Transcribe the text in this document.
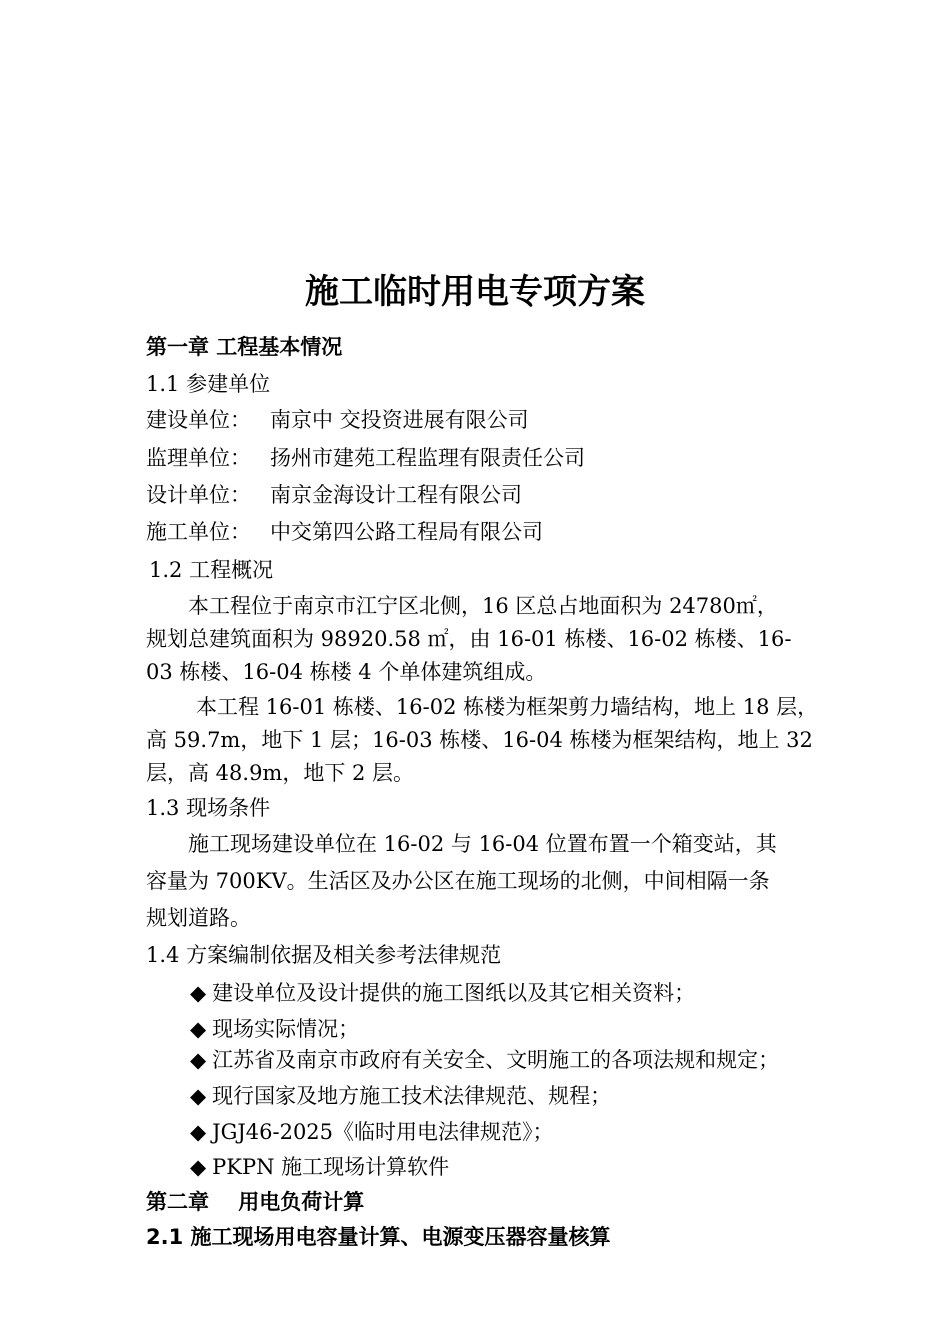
施工临时用电专项方案
第一章 工程基本情况
1.1 参建单位
建设单位： 南京中 交投资进展有限公司
监理单位： 扬州市建苑工程监理有限责任公司
设计单位： 南京金海设计工程有限公司
施工单位： 中交第四公路工程局有限公司
1.2 工程概况
本工程位于南京市江宁区北侧，16 区总占地面积为 24780㎡，
规划总建筑面积为 98920.58 ㎡，由 16-01 栋楼、16-02 栋楼、16-
03 栋楼、16-04 栋楼 4 个单体建筑组成。
本工程 16-01 栋楼、16-02 栋楼为框架剪力墙结构，地上 18 层，
高 59.7m，地下 1 层；16-03 栋楼、16-04 栋楼为框架结构，地上 32
层，高 48.9m，地下 2 层。
1.3 现场条件
施工现场建设单位在 16-02 与 16-04 位置布置一个箱变站，其
容量为 700KV。生活区及办公区在施工现场的北侧，中间相隔一条
规划道路。
1.4 方案编制依据及相关参考法律规范
◆ 建设单位及设计提供的施工图纸以及其它相关资料；
◆ 现场实际情况；
◆ 江苏省及南京市政府有关安全、文明施工的各项法规和规定；
◆ 现行国家及地方施工技术法律规范、规程；
◆ JGJ46-2025《临时用电法律规范》；
◆ PKPN 施工现场计算软件
第二章    用电负荷计算
2.1 施工现场用电容量计算、电源变压器容量核算
